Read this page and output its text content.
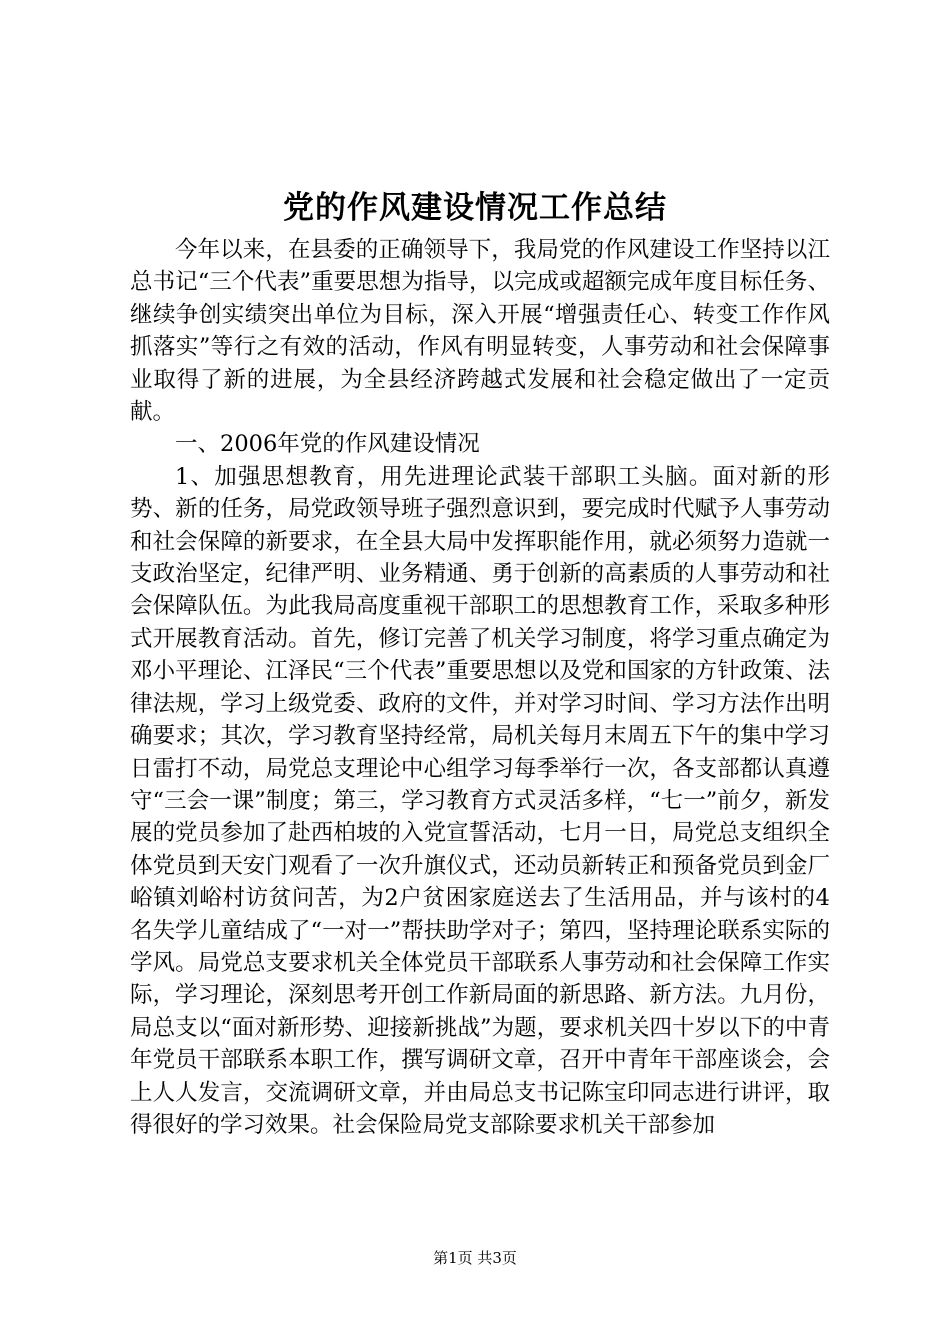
党的作风建设情况工作总结

今年以来，在县委的正确领导下，我局党的作风建设工作坚持以江总书记“三个代表”重要思想为指导，以完成或超额完成年度目标任务、继续争创实绩突出单位为目标，深入开展“增强责任心、转变工作作风抓落实”等行之有效的活动，作风有明显转变，人事劳动和社会保障事业取得了新的进展，为全县经济跨越式发展和社会稳定做出了一定贡献。

一、2006年党的作风建设情况

1、加强思想教育，用先进理论武装干部职工头脑。面对新的形势、新的任务，局党政领导班子强烈意识到，要完成时代赋予人事劳动和社会保障的新要求，在全县大局中发挥职能作用，就必须努力造就一支政治坚定，纪律严明、业务精通、勇于创新的高素质的人事劳动和社会保障队伍。为此我局高度重视干部职工的思想教育工作，采取多种形式开展教育活动。首先，修订完善了机关学习制度，将学习重点确定为邓小平理论、江泽民“三个代表”重要思想以及党和国家的方针政策、法律法规，学习上级党委、政府的文件，并对学习时间、学习方法作出明确要求；其次，学习教育坚持经常，局机关每月末周五下午的集中学习日雷打不动，局党总支理论中心组学习每季举行一次，各支部都认真遵守“三会一课”制度；第三，学习教育方式灵活多样，“七一”前夕，新发展的党员参加了赴西柏坡的入党宣誓活动，七月一日，局党总支组织全体党员到天安门观看了一次升旗仪式，还动员新转正和预备党员到金厂峪镇刘峪村访贫问苦，为2户贫困家庭送去了生活用品，并与该村的4名失学儿童结成了“一对一”帮扶助学对子；第四，坚持理论联系实际的学风。局党总支要求机关全体党员干部联系人事劳动和社会保障工作实际，学习理论，深刻思考开创工作新局面的新思路、新方法。九月份，局总支以“面对新形势、迎接新挑战”为题，要求机关四十岁以下的中青年党员干部联系本职工作，撰写调研文章，召开中青年干部座谈会，会上人人发言，交流调研文章，并由局总支书记陈宝印同志进行讲评，取得很好的学习效果。社会保险局党支部除要求机关干部参加

第1页 共3页
